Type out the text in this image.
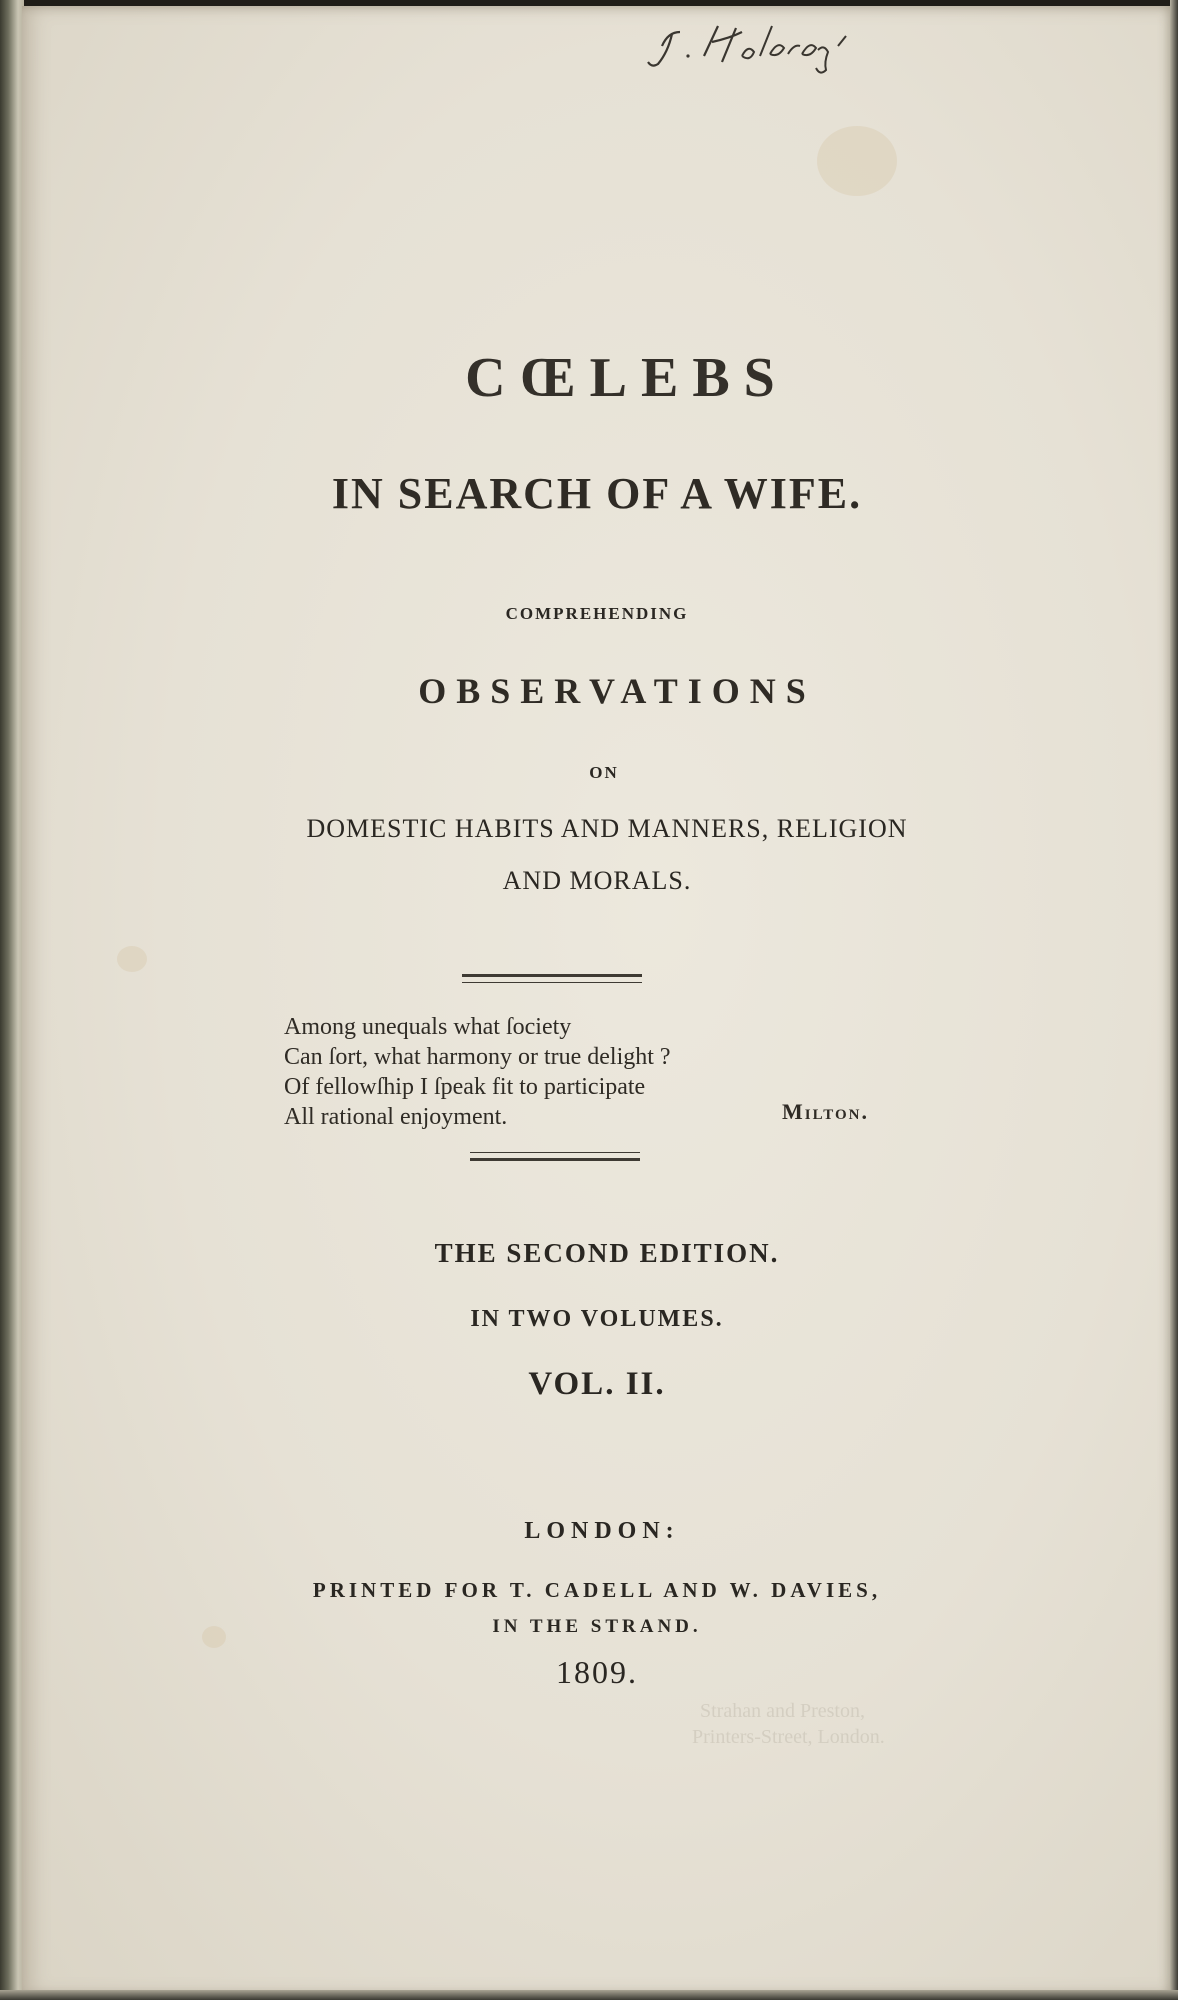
CŒLEBS

IN SEARCH OF A WIFE.

COMPREHENDING

OBSERVATIONS

ON

DOMESTIC HABITS AND MANNERS, RELIGION

AND MORALS.

Among unequals what ſociety
Can ſort, what harmony or true delight ?
Of fellowſhip I ſpeak fit to participate
All rational enjoyment.	Milton.

THE SECOND EDITION.

IN TWO VOLUMES.

VOL. II.

LONDON:

PRINTED FOR T. CADELL AND W. DAVIES,

IN THE STRAND.

1809.

Strahan and Preston,
Printers-Street, London.
